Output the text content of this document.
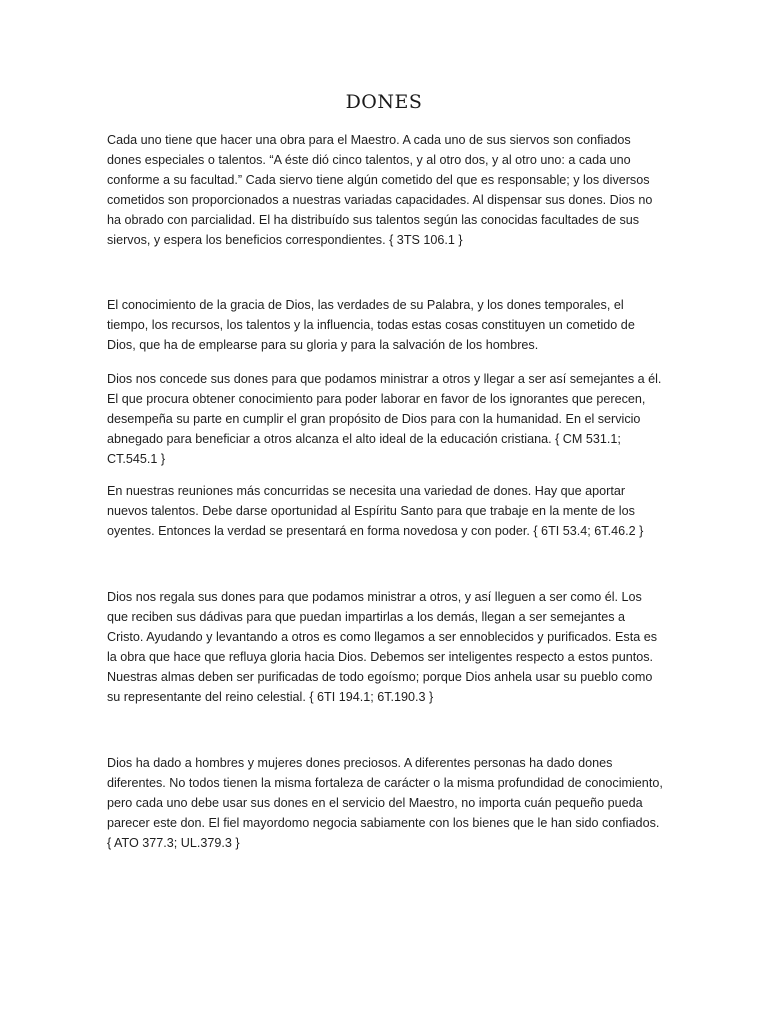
DONES

Cada uno tiene que hacer una obra para el Maestro. A cada uno de sus siervos son confiados dones especiales o talentos. “A éste dió cinco talentos, y al otro dos, y al otro uno: a cada uno conforme a su facultad.” Cada siervo tiene algún cometido del que es responsable; y los diversos cometidos son proporcionados a nuestras variadas capacidades. Al dispensar sus dones. Dios no ha obrado con parcialidad. El ha distribuído sus talentos según las conocidas facultades de sus siervos, y espera los beneficios correspondientes. { 3TS 106.1 }

El conocimiento de la gracia de Dios, las verdades de su Palabra, y los dones temporales, el tiempo, los recursos, los talentos y la influencia, todas estas cosas constituyen un cometido de Dios, que ha de emplearse para su gloria y para la salvación de los hombres.

Dios nos concede sus dones para que podamos ministrar a otros y llegar a ser así semejantes a él. El que procura obtener conocimiento para poder laborar en favor de los ignorantes que perecen, desempeña su parte en cumplir el gran propósito de Dios para con la humanidad. En el servicio abnegado para beneficiar a otros alcanza el alto ideal de la educación cristiana. { CM 531.1; CT.545.1 }

En nuestras reuniones más concurridas se necesita una variedad de dones. Hay que aportar nuevos talentos. Debe darse oportunidad al Espíritu Santo para que trabaje en la mente de los oyentes. Entonces la verdad se presentará en forma novedosa y con poder. { 6TI 53.4; 6T.46.2 }

Dios nos regala sus dones para que podamos ministrar a otros, y así lleguen a ser como él. Los que reciben sus dádivas para que puedan impartirlas a los demás, llegan a ser semejantes a Cristo. Ayudando y levantando a otros es como llegamos a ser ennoblecidos y purificados. Esta es la obra que hace que refluya gloria hacia Dios. Debemos ser inteligentes respecto a estos puntos. Nuestras almas deben ser purificadas de todo egoísmo; porque Dios anhela usar su pueblo como su representante del reino celestial. { 6TI 194.1; 6T.190.3 }

Dios ha dado a hombres y mujeres dones preciosos. A diferentes personas ha dado dones diferentes. No todos tienen la misma fortaleza de carácter o la misma profundidad de conocimiento, pero cada uno debe usar sus dones en el servicio del Maestro, no importa cuán pequeño pueda parecer este don. El fiel mayordomo negocia sabiamente con los bienes que le han sido confiados. { ATO 377.3; UL.379.3 }
